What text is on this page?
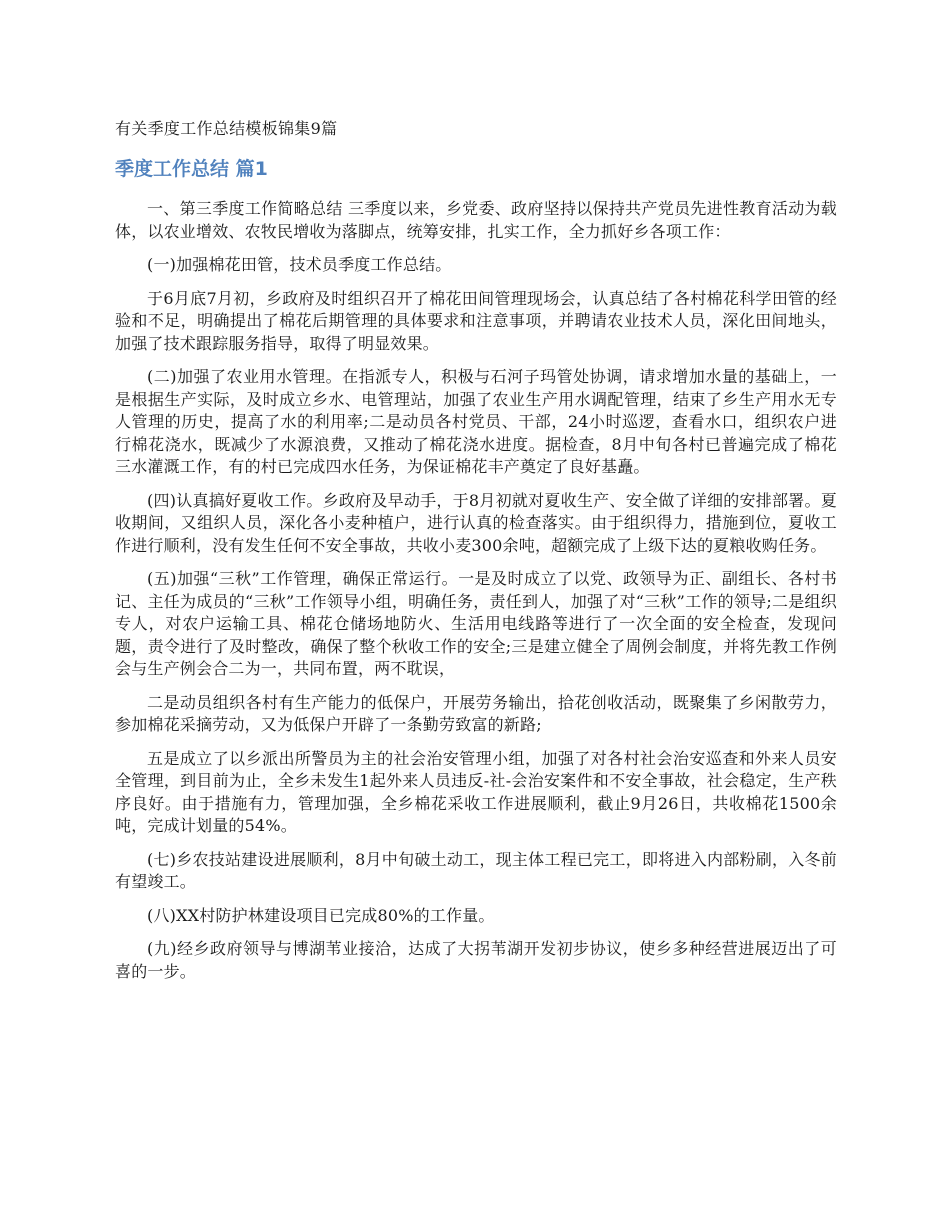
有关季度工作总结模板锦集9篇
季度工作总结 篇1

一、第三季度工作简略总结 三季度以来，乡党委、政府坚持以保持共产党员先进性教育活动为载体，以农业增效、农牧民增收为落脚点，统筹安排，扎实工作，全力抓好乡各项工作：

(一)加强棉花田管，技术员季度工作总结。

于6月底7月初，乡政府及时组织召开了棉花田间管理现场会，认真总结了各村棉花科学田管的经验和不足，明确提出了棉花后期管理的具体要求和注意事项，并聘请农业技术人员，深化田间地头，加强了技术跟踪服务指导，取得了明显效果。

(二)加强了农业用水管理。在指派专人，积极与石河子玛管处协调，请求增加水量的基础上，一是根据生产实际，及时成立乡水、电管理站，加强了农业生产用水调配管理，结束了乡生产用水无专人管理的历史，提高了水的利用率;二是动员各村党员、干部，24小时巡逻，查看水口，组织农户进行棉花浇水，既减少了水源浪费，又推动了棉花浇水进度。据检查，8月中旬各村已普遍完成了棉花三水灌溉工作，有的村已完成四水任务，为保证棉花丰产奠定了良好基矗。

(四)认真搞好夏收工作。乡政府及早动手，于8月初就对夏收生产、安全做了详细的安排部署。夏收期间，又组织人员，深化各小麦种植户，进行认真的检查落实。由于组织得力，措施到位，夏收工作进行顺利，没有发生任何不安全事故，共收小麦300余吨，超额完成了上级下达的夏粮收购任务。

(五)加强“三秋”工作管理，确保正常运行。一是及时成立了以党、政领导为正、副组长、各村书记、主任为成员的“三秋”工作领导小组，明确任务，责任到人，加强了对“三秋”工作的领导;二是组织专人，对农户运输工具、棉花仓储场地防火、生活用电线路等进行了一次全面的安全检查，发现问题，责令进行了及时整改，确保了整个秋收工作的安全;三是建立健全了周例会制度，并将先教工作例会与生产例会合二为一，共同布置，两不耽误，

二是动员组织各村有生产能力的低保户，开展劳务输出，拾花创收活动，既聚集了乡闲散劳力，参加棉花采摘劳动，又为低保户开辟了一条勤劳致富的新路;

五是成立了以乡派出所警员为主的社会治安管理小组，加强了对各村社会治安巡查和外来人员安全管理，到目前为止，全乡未发生1起外来人员违反-社-会治安案件和不安全事故，社会稳定，生产秩序良好。由于措施有力，管理加强，全乡棉花采收工作进展顺利，截止9月26日，共收棉花1500余吨，完成计划量的54%。

(七)乡农技站建设进展顺利，8月中旬破土动工，现主体工程已完工，即将进入内部粉刷，入冬前有望竣工。

(八)XX村防护林建设项目已完成80%的工作量。

(九)经乡政府领导与博湖苇业接洽，达成了大拐苇湖开发初步协议，使乡多种经营进展迈出了可喜的一步。
